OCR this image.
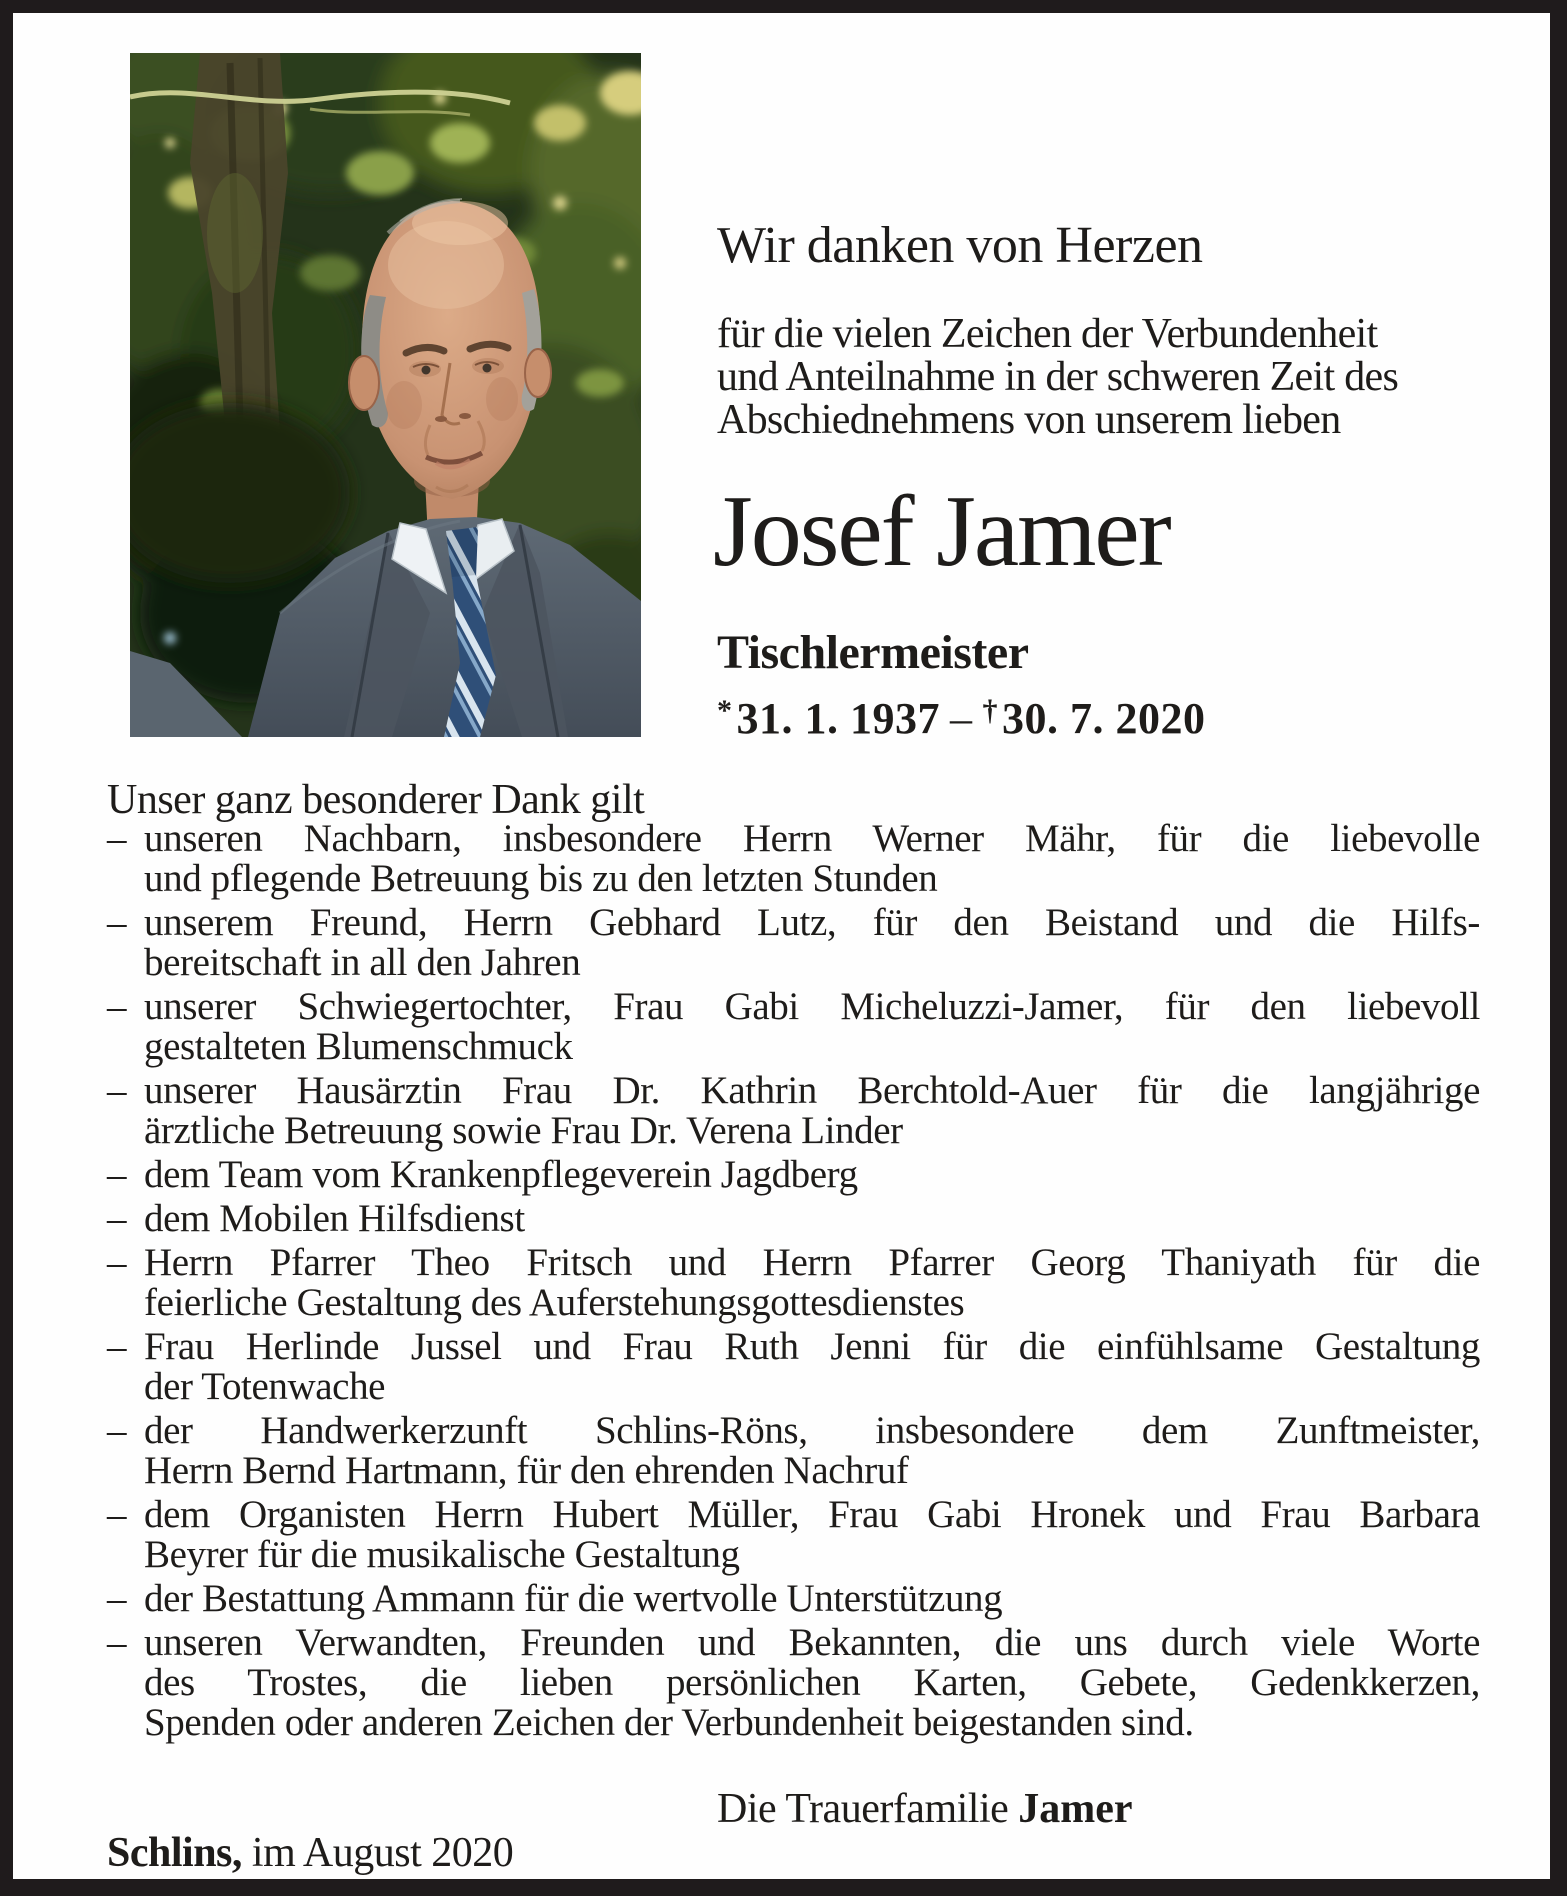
Wir danken von Herzen
für die vielen Zeichen der Verbundenheit
und Anteilnahme in der schweren Zeit des
Abschiednehmens von unserem lieben
Josef Jamer
Tischlermeister
*31. 1. 1937 – †30. 7. 2020
Unser ganz besonderer Dank gilt
– unseren Nachbarn, insbesondere Herrn Werner Mähr, für die liebevolle
und pflegende Betreuung bis zu den letzten Stunden
– unserem Freund, Herrn Gebhard Lutz, für den Beistand und die Hilfs-
bereitschaft in all den Jahren
– unserer Schwiegertochter, Frau Gabi Micheluzzi-Jamer, für den liebevoll
gestalteten Blumenschmuck
– unserer Hausärztin Frau Dr. Kathrin Berchtold-Auer für die langjährige
ärztliche Betreuung sowie Frau Dr. Verena Linder
– dem Team vom Krankenpflegeverein Jagdberg
– dem Mobilen Hilfsdienst
– Herrn Pfarrer Theo Fritsch und Herrn Pfarrer Georg Thaniyath für die
feierliche Gestaltung des Auferstehungsgottesdienstes
– Frau Herlinde Jussel und Frau Ruth Jenni für die einfühlsame Gestaltung
der Totenwache
– der Handwerkerzunft Schlins-Röns, insbesondere dem Zunftmeister,
Herrn Bernd Hartmann, für den ehrenden Nachruf
– dem Organisten Herrn Hubert Müller, Frau Gabi Hronek und Frau Barbara
Beyrer für die musikalische Gestaltung
– der Bestattung Ammann für die wertvolle Unterstützung
– unseren Verwandten, Freunden und Bekannten, die uns durch viele Worte
des Trostes, die lieben persönlichen Karten, Gebete, Gedenkkerzen,
Spenden oder anderen Zeichen der Verbundenheit beigestanden sind.
Die Trauerfamilie Jamer
Schlins, im August 2020
